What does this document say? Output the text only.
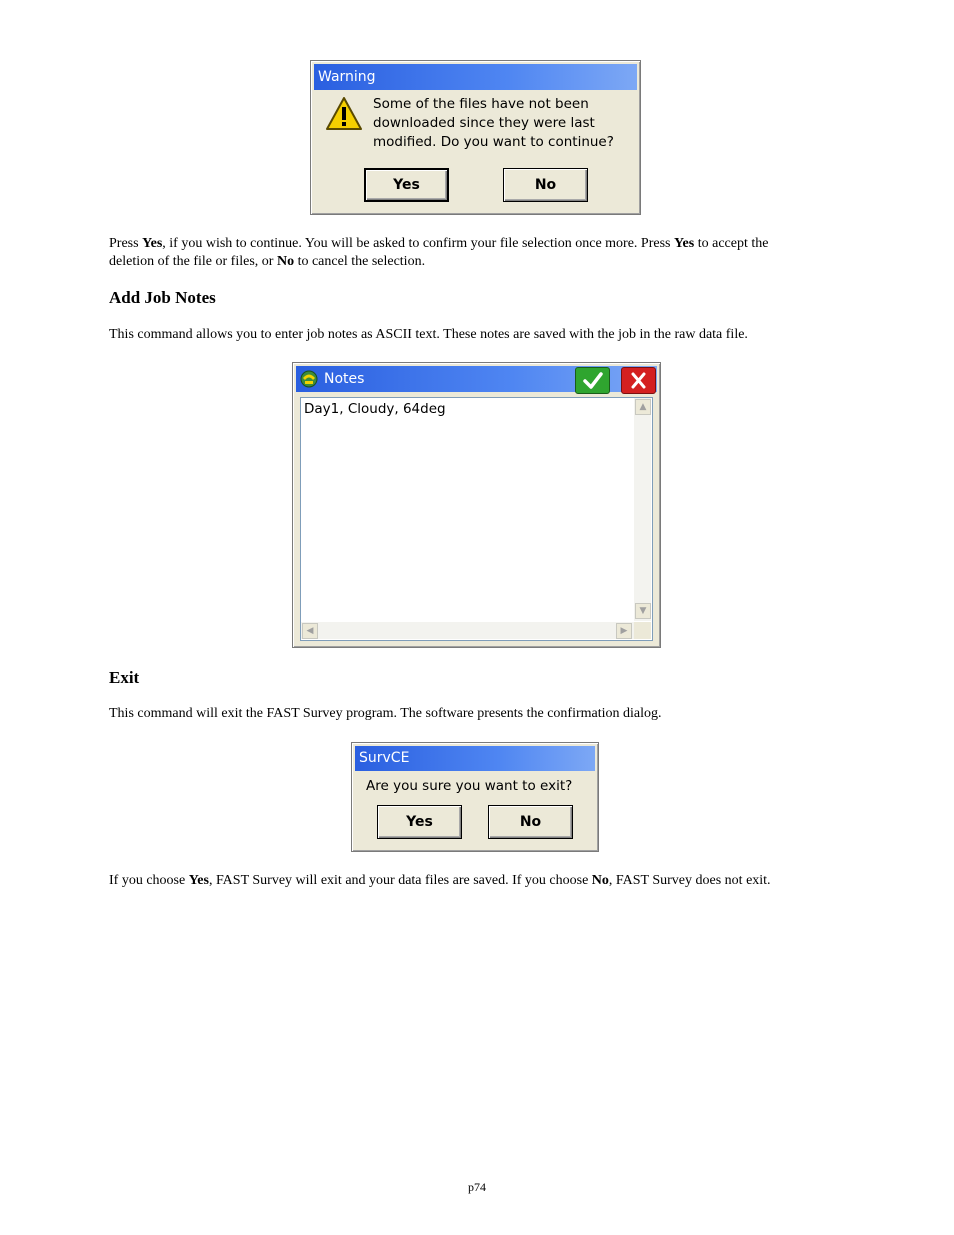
Warning
Some of the files have not been
downloaded since they were last
modified. Do you want to continue?
Yes	No
Press Yes, if you wish to continue. You will be asked to confirm your file selection once more. Press Yes to accept the
deletion of the file or files, or No to cancel the selection.
Add Job Notes
This command allows you to enter job notes as ASCII text. These notes are saved with the job in the raw data file.
Notes
Day1, Cloudy, 64deg	▲
▼
◀	▶
Exit
This command will exit the FAST Survey program. The software presents the confirmation dialog.
SurvCE
Are you sure you want to exit?
Yes	No
If you choose Yes, FAST Survey will exit and your data files are saved. If you choose No, FAST Survey does not exit.
p74
